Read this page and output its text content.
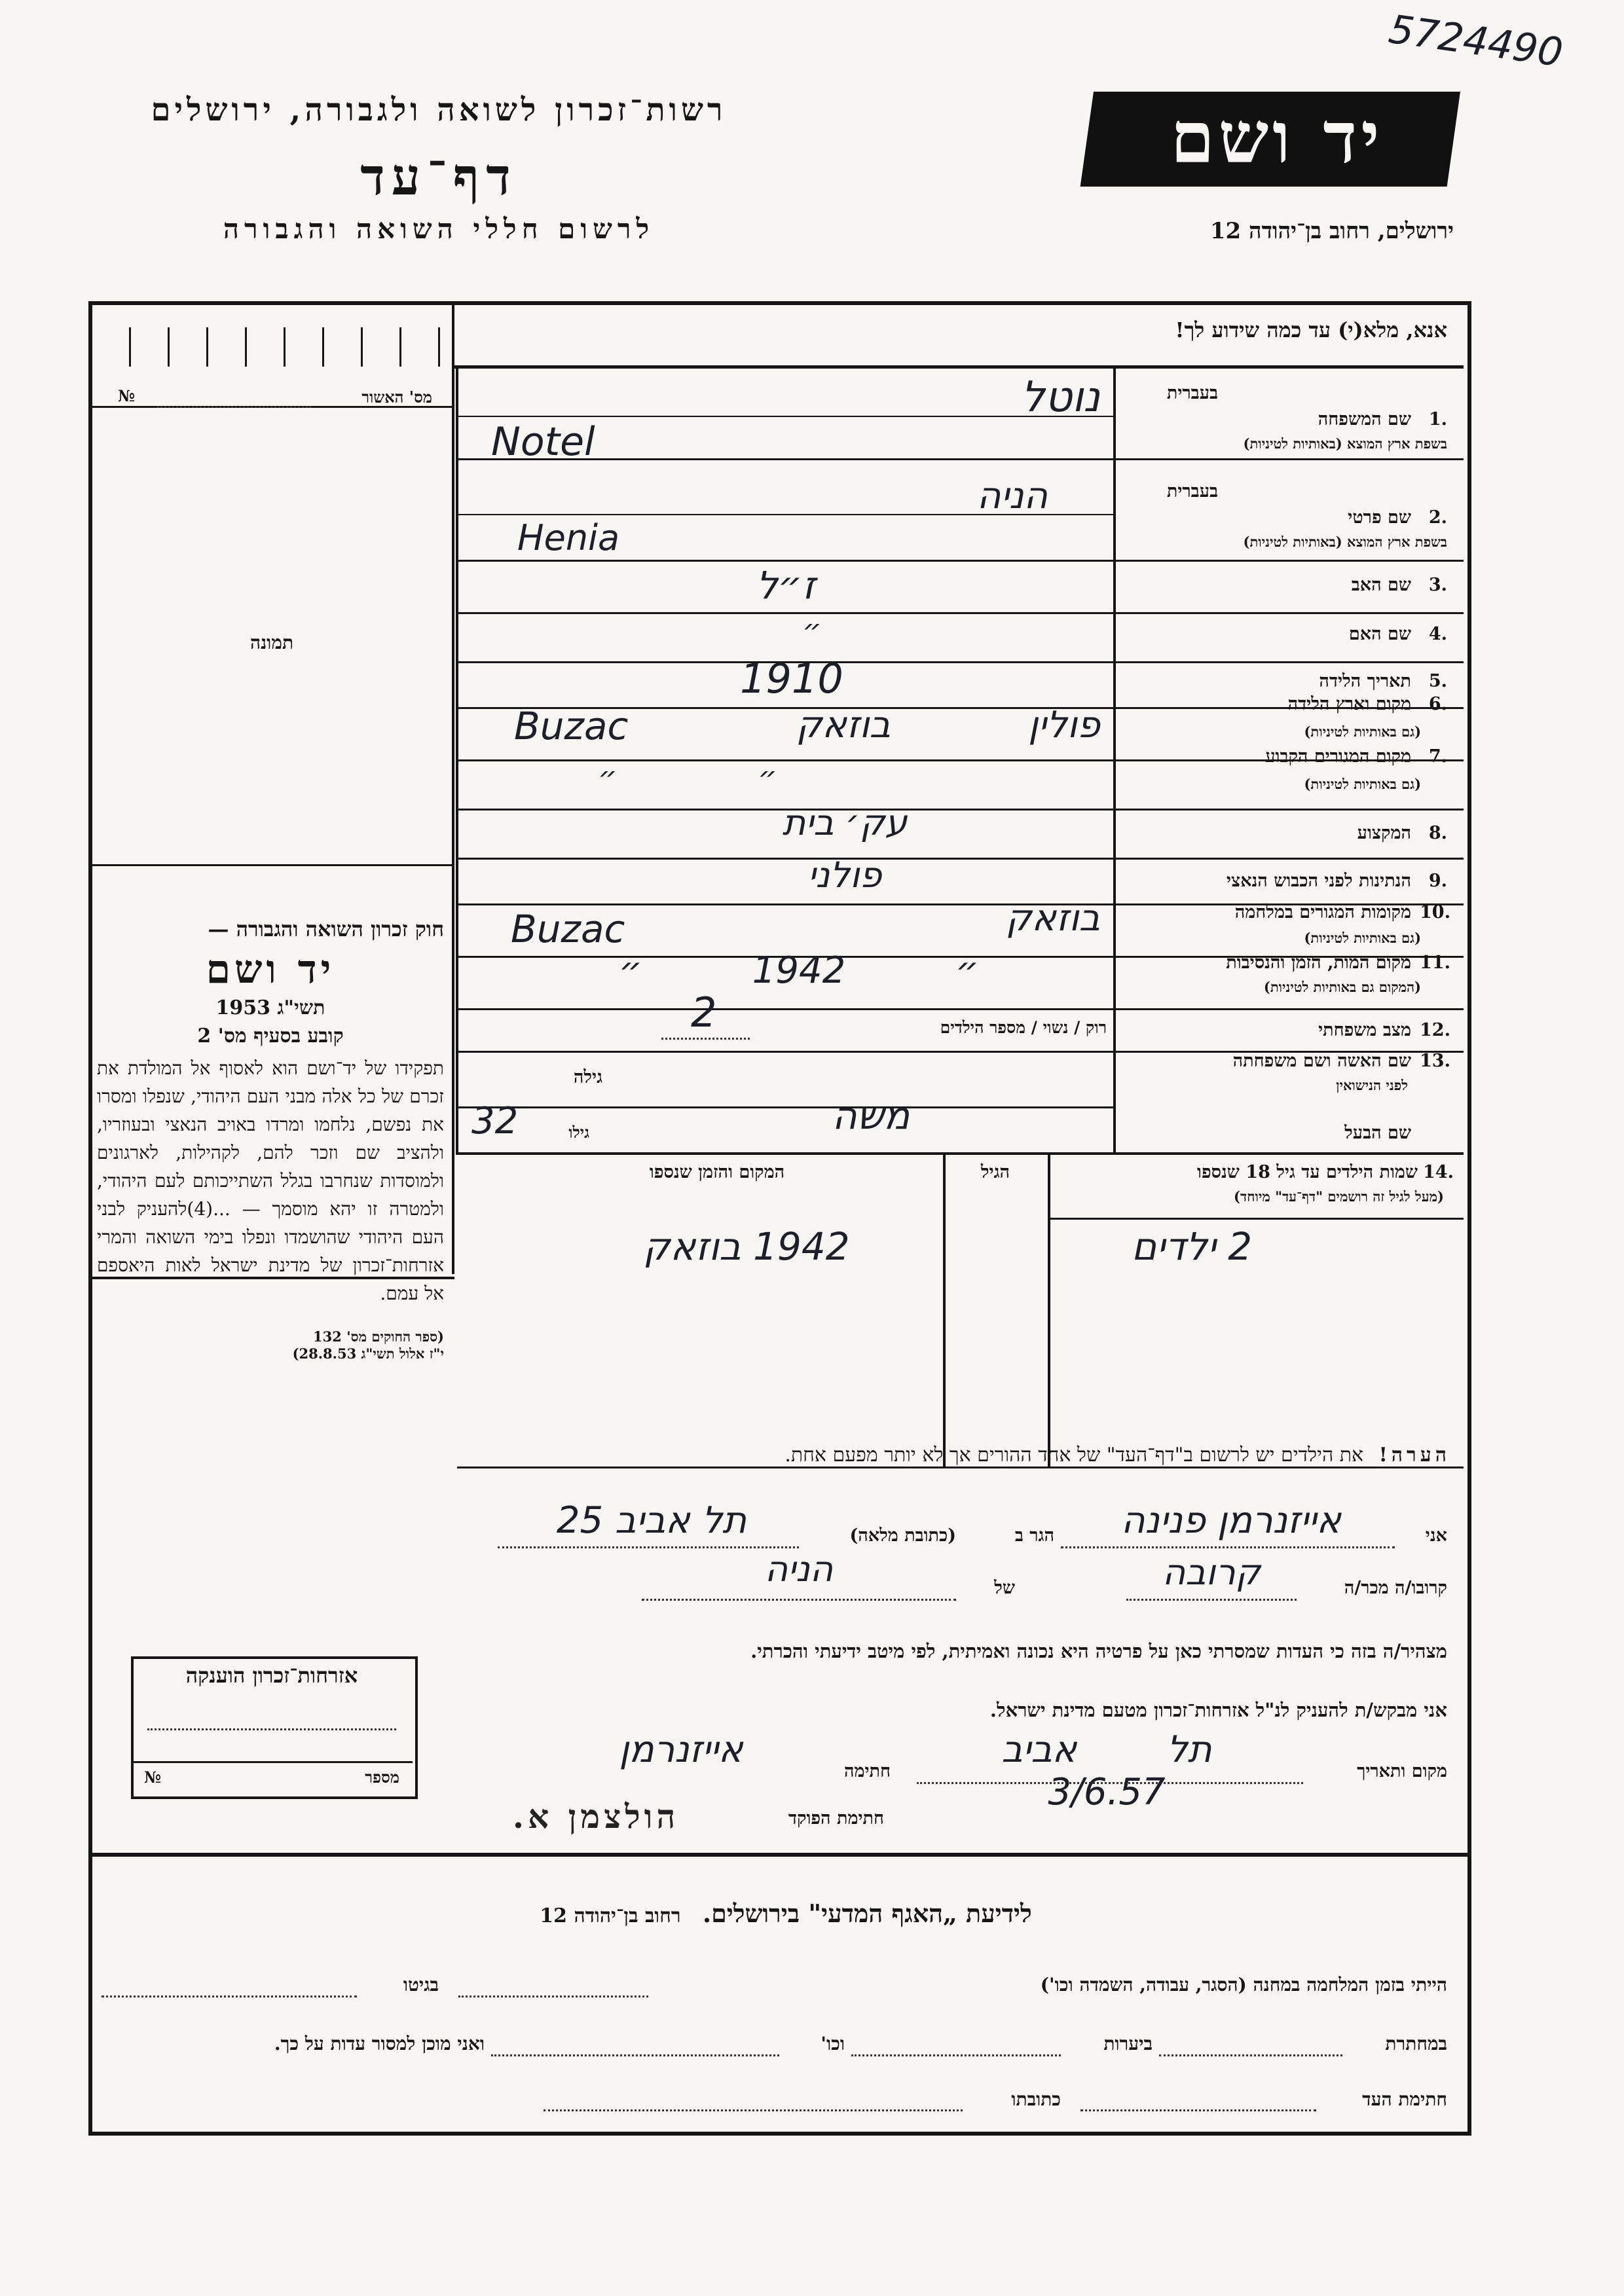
5724490
רשות־זכרון לשואה ולגבורה, ירושלים
דף־עד
לרשום חללי השואה והגבורה
יד ושם
ירושלים, רחוב בן־יהודה 12
מס' האשור
№
תמונה

חוק זכרון השואה והגבורה —

יד ושם

תשי"ג 1953

קובע בסעיף מס' 2

תפקידו של יד־ושם הוא לאסוף אל המולדת את זכרם של כל אלה מבני העם היהודי, שנפלו ומסרו את נפשם, נלחמו ומרדו באויב הנאצי ובעוזריו, ולהציב שם וזכר להם, לקהילות, לארגונים ולמוסדות שנחרבו בגלל השתייכותם לעם היהודי, ולמטרה זו יהא מוסמך — ...(4)להעניק לבני העם היהודי שהושמדו ונפלו בימי השואה והמרי אזרחות־זכרון של מדינת ישראל לאות היאספם אל עמם.

(ספר החוקים מס' 132

י"ז אלול תשי"ג 28.8.53)

אנא, מלא(י) עד כמה שידוע לך!
בעברית
1.
שם המשפחה
בשפת ארץ המוצא (באותיות לטיניות)
נוטל
Notel
בעברית
2.
שם פרטי
בשפת ארץ המוצא (באותיות לטיניות)
הניה
Henia
שם האב 3.
ז״ל
שם האם 4.
״
תאריך הלידה 5.
1910
מקום וארץ הלידה 6.
(גם באותיות לטיניות)
פולין
בוזאק
Buzac
מקום המגורים הקבוע 7.
(גם באותיות לטיניות)
״ ״
המקצוע 8.
עק׳ בית
הנתינות לפני הכבוש הנאצי 9.
פולני
מקומות המגורים במלחמה 10.
(גם באותיות לטיניות)
בוזאק
Buzac
מקום המות, הזמן והנסיבות 11.
(המקום גם באותיות לטיניות)
״ 1942 ״
מצב משפחתי 12.
רוק / נשוי / מספר הילדים
2
שם האשה ושם משפחתה 13.
לפני הנישואין
גילה
שם הבעל
גילו	משה
32
14.
שמות הילדים עד גיל 18 שנספו
(מעל לגיל זה רושמים "דף־עד" מיוחד)
הגיל
המקום והזמן שנספו
2 ילדים
1942 בוזאק
הערה! את הילדים יש לרשום ב"דף־העד" של אחד ההורים אך לא יותר מפעם אחת.
אני
אייזנרמן פנינה
הגר ב
(כתובת מלאה)
תל אביב 25
קרובו/ה מכר/ה
קרובה
של
הניה
מצהיר/ה בזה כי העדות שמסרתי כאן על פרטיה היא נכונה ואמיתית, לפי מיטב ידיעתי והכרתי.
אני מבקש/ת להעניק לנ"ל אזרחות־זכרון מטעם מדינת ישראל.
מקום ותאריך
תל אביב 3/6.57
חתימה
אייזנרמן
חתימת הפוקד
הולצמן א.
אזרחות־זכרון הוענקה
מספר
№
לידיעת „האגף המדעי" בירושלים. רחוב בן־יהודה 12
הייתי בזמן המלחמה במחנה (הסגר, עבודה, השמדה וכו')
בגיטו
במחתרת
ביערות
וכו'
ואני מוכן למסור עדות על כך.
חתימת העד
כתובתו
